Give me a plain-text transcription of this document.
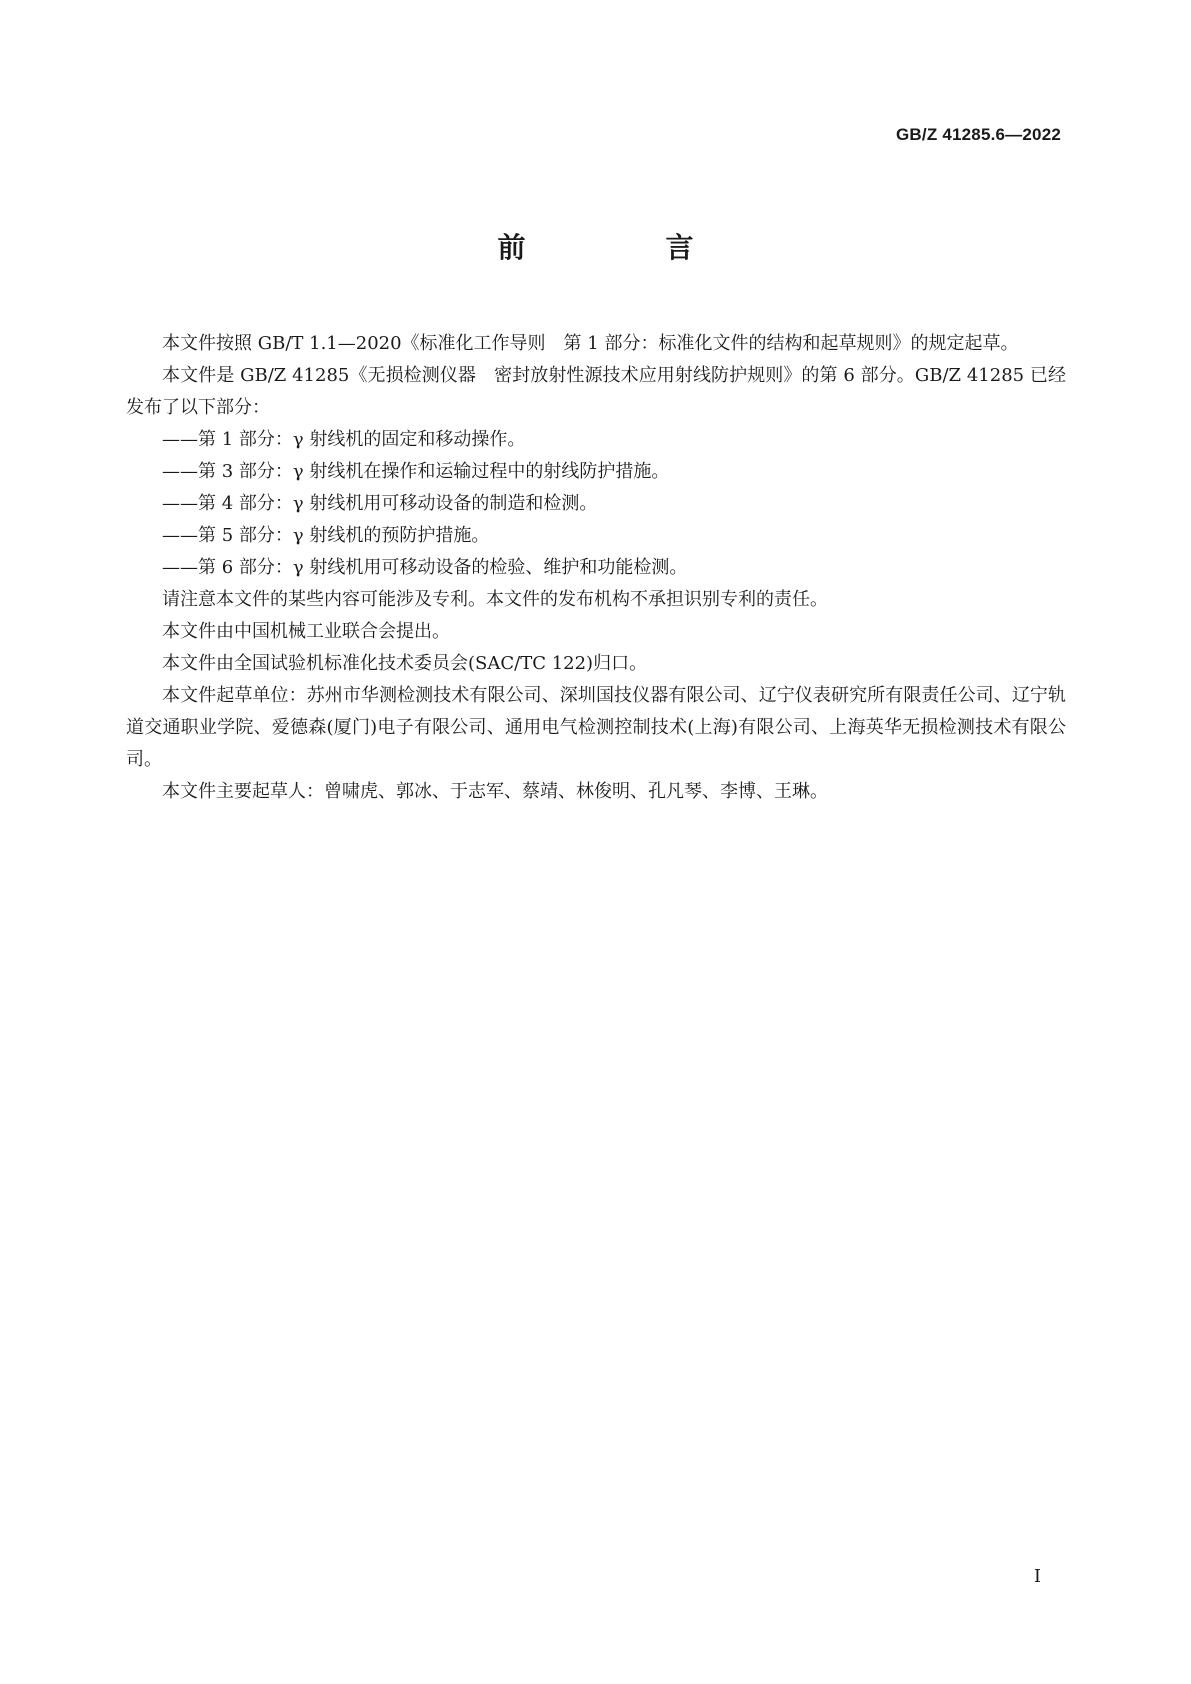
GB/Z 41285.6—2022
前　言

本文件按照 GB/T 1.1—2020《标准化工作导则　第 1 部分：标准化文件的结构和起草规则》的规定起草。

本文件是 GB/Z 41285《无损检测仪器　密封放射性源技术应用射线防护规则》的第 6 部分。GB/Z 41285 已经发布了以下部分：

——第 1 部分：γ 射线机的固定和移动操作。

——第 3 部分：γ 射线机在操作和运输过程中的射线防护措施。

——第 4 部分：γ 射线机用可移动设备的制造和检测。

——第 5 部分：γ 射线机的预防护措施。

——第 6 部分：γ 射线机用可移动设备的检验、维护和功能检测。

请注意本文件的某些内容可能涉及专利。本文件的发布机构不承担识别专利的责任。

本文件由中国机械工业联合会提出。

本文件由全国试验机标准化技术委员会(SAC/TC 122)归口。

本文件起草单位：苏州市华测检测技术有限公司、深圳国技仪器有限公司、辽宁仪表研究所有限责任公司、辽宁轨道交通职业学院、爱德森(厦门)电子有限公司、通用电气检测控制技术(上海)有限公司、上海英华无损检测技术有限公司。

本文件主要起草人：曾啸虎、郭冰、于志军、蔡靖、林俊明、孔凡琴、李博、王琳。

I
